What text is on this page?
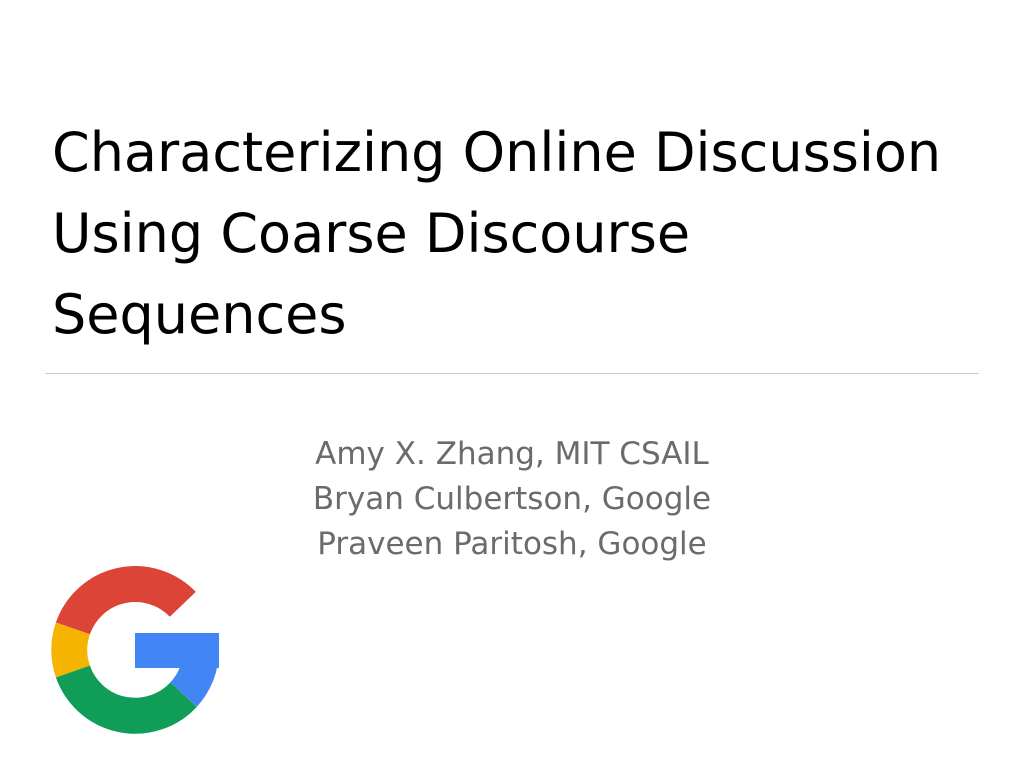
Characterizing Online Discussion
Using Coarse Discourse
Sequences
Amy X. Zhang, MIT CSAIL
Bryan Culbertson, Google
Praveen Paritosh, Google
